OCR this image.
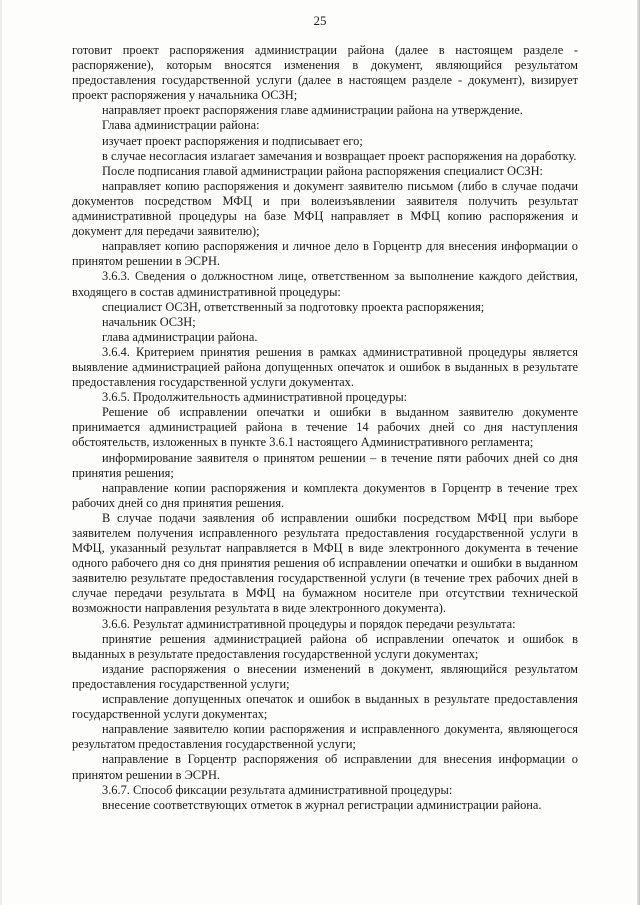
25

готовит проект распоряжения администрации района (далее в настоящем разделе - распоряжение), которым вносятся изменения в документ, являющийся результатом предоставления государственной услуги (далее в настоящем разделе - документ), визирует проект распоряжения у начальника ОСЗН;

направляет проект распоряжения главе администрации района на утверждение.

Глава администрации района:

изучает проект распоряжения и подписывает его;

в случае несогласия излагает замечания и возвращает проект распоряжения на доработку.

После подписания главой администрации района распоряжения специалист ОСЗН:

направляет копию распоряжения и документ заявителю письмом (либо в случае подачи документов посредством МФЦ и при волеизъявлении заявителя получить результат административной процедуры на базе МФЦ направляет в МФЦ копию распоряжения и документ для передачи заявителю);

направляет копию распоряжения и личное дело в Горцентр для внесения информации о принятом решении в ЭСРН.

3.6.3. Сведения о должностном лице, ответственном за выполнение каждого действия, входящего в состав административной процедуры:

специалист ОСЗН, ответственный за подготовку проекта распоряжения;

начальник ОСЗН;

глава администрации района.

3.6.4. Критерием принятия решения в рамках административной процедуры является выявление администрацией района допущенных опечаток и ошибок в выданных в результате предоставления государственной услуги документах.

3.6.5. Продолжительность административной процедуры:

Решение об исправлении опечатки и ошибки в выданном заявителю документе принимается администрацией района в течение 14 рабочих дней со дня наступления обстоятельств, изложенных в пункте 3.6.1 настоящего Административного регламента;

информирование заявителя о принятом решении – в течение пяти рабочих дней со дня принятия решения;

направление копии распоряжения и комплекта документов в Горцентр в течение трех рабочих дней со дня принятия решения.

В случае подачи заявления об исправлении ошибки посредством МФЦ при выборе заявителем получения исправленного результата предоставления государственной услуги в МФЦ, указанный результат направляется в МФЦ в виде электронного документа в течение одного рабочего дня со дня принятия решения об исправлении опечатки и ошибки в выданном заявителю результате предоставления государственной услуги (в течение трех рабочих дней в случае передачи результата в МФЦ на бумажном носителе при отсутствии технической возможности направления результата в виде электронного документа).

3.6.6. Результат административной процедуры и порядок передачи результата:

принятие решения администрацией района об исправлении опечаток и ошибок в выданных в результате предоставления государственной услуги документах;

издание распоряжения о внесении изменений в документ, являющийся результатом предоставления государственной услуги;

исправление допущенных опечаток и ошибок в выданных в результате предоставления государственной услуги документах;

направление заявителю копии распоряжения и исправленного документа, являющегося результатом предоставления государственной услуги;

направление в Горцентр распоряжения об исправлении для внесения информации о принятом решении в ЭСРН.

3.6.7. Способ фиксации результата административной процедуры:

внесение соответствующих отметок в журнал регистрации администрации района.
